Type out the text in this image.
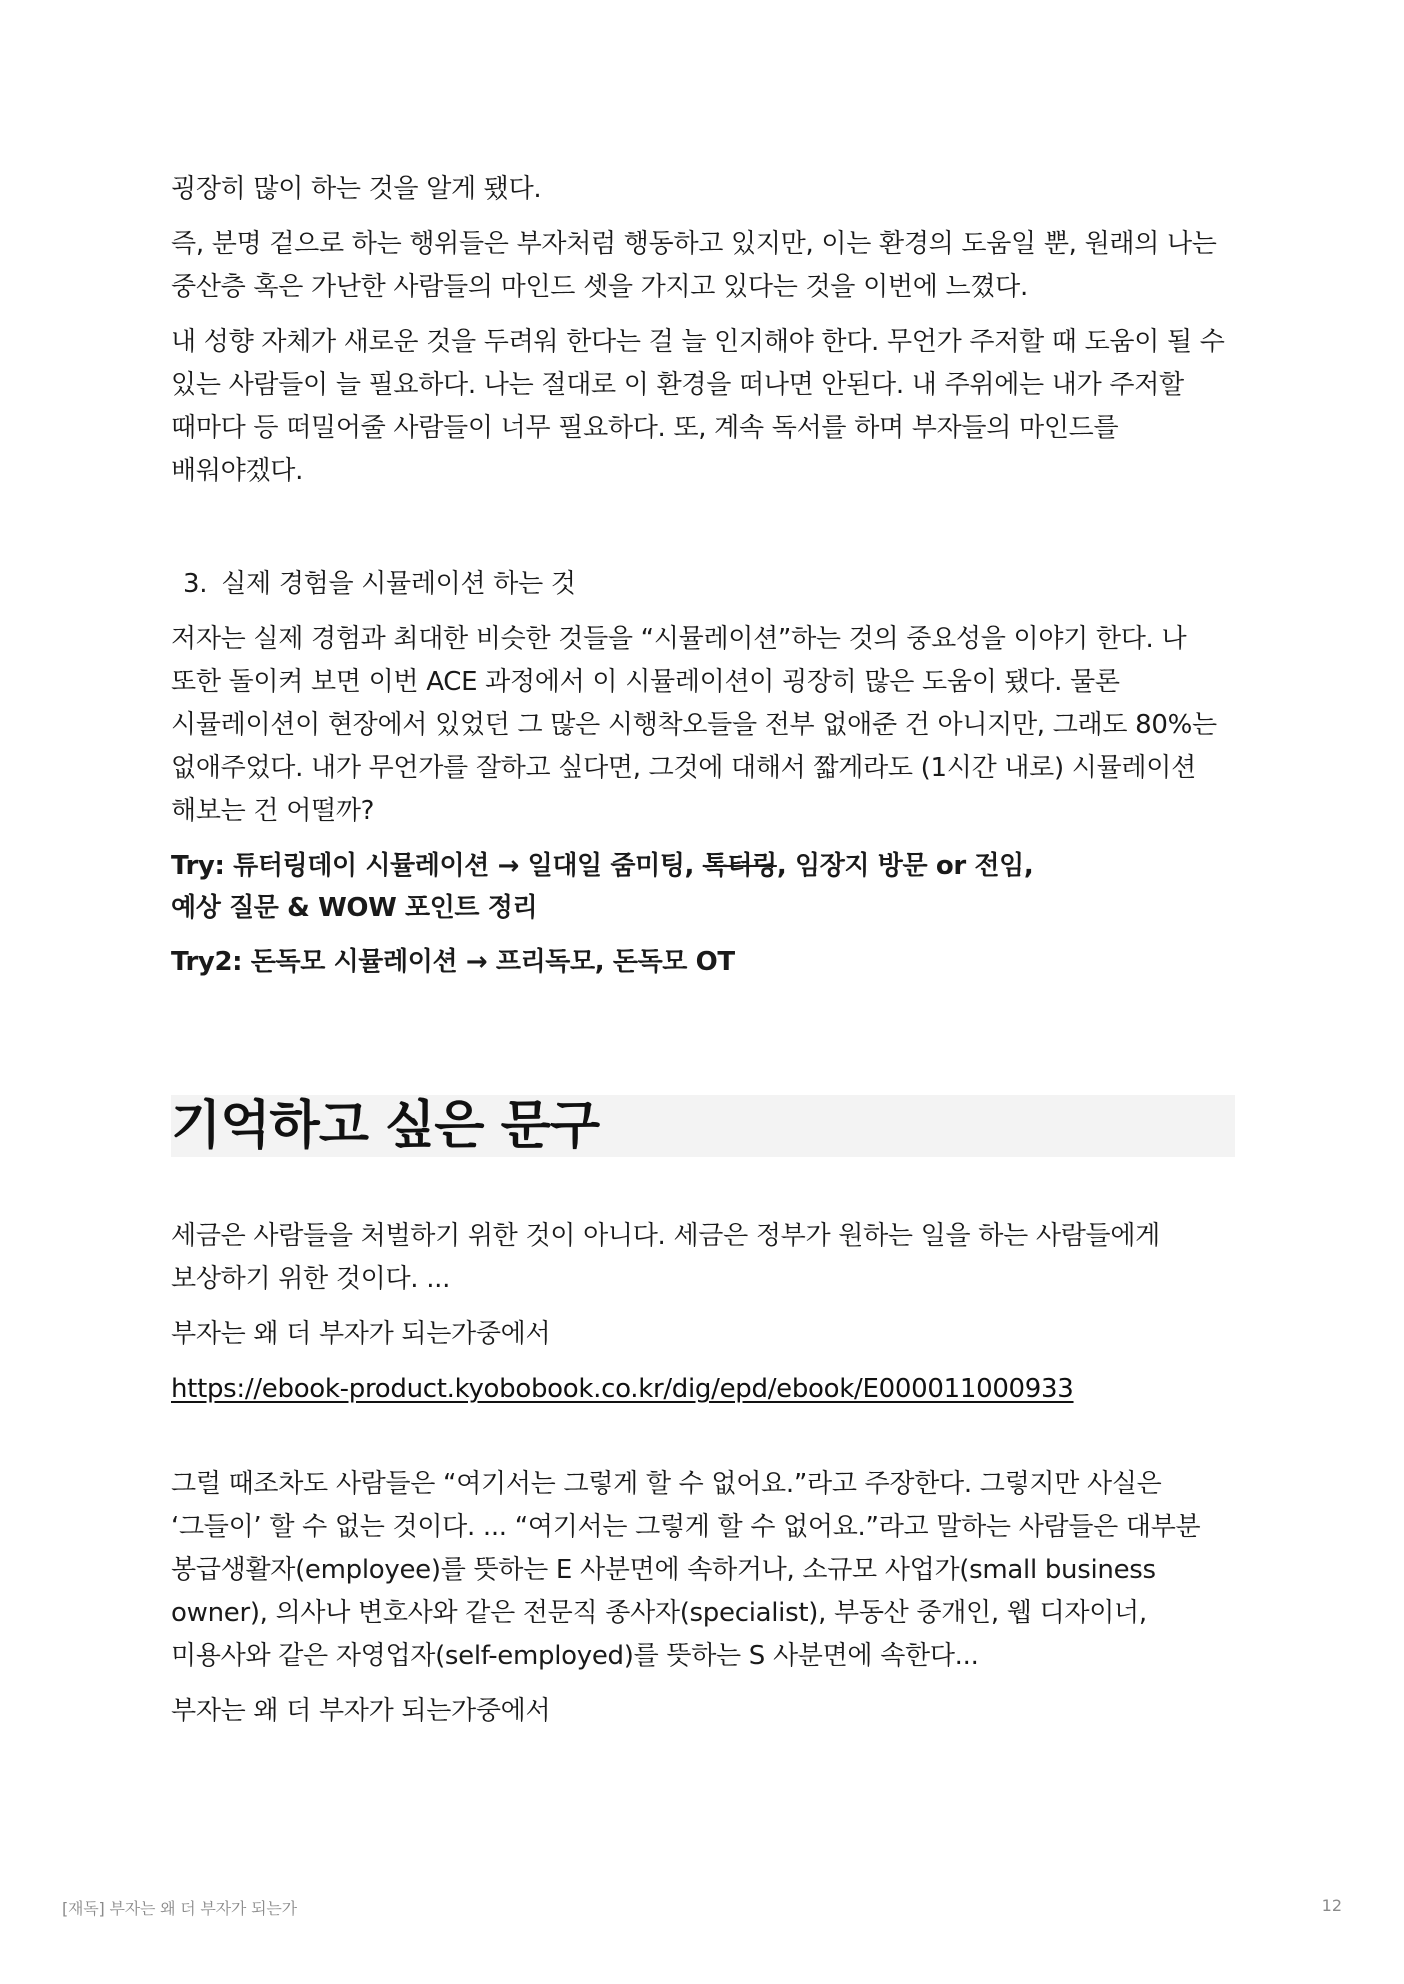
굉장히 많이 하는 것을 알게 됐다.

즉, 분명 겉으로 하는 행위들은 부자처럼 행동하고 있지만, 이는 환경의 도움일 뿐, 원래의 나는 중산층 혹은 가난한 사람들의 마인드 셋을 가지고 있다는 것을 이번에 느꼈다.

내 성향 자체가 새로운 것을 두려워 한다는 걸 늘 인지해야 한다. 무언가 주저할 때 도움이 될 수 있는 사람들이 늘 필요하다. 나는 절대로 이 환경을 떠나면 안된다. 내 주위에는 내가 주저할 때마다 등 떠밀어줄 사람들이 너무 필요하다. 또, 계속 독서를 하며 부자들의 마인드를 배워야겠다.

3. 실제 경험을 시뮬레이션 하는 것

저자는 실제 경험과 최대한 비슷한 것들을 “시뮬레이션”하는 것의 중요성을 이야기 한다. 나 또한 돌이켜 보면 이번 ACE 과정에서 이 시뮬레이션이 굉장히 많은 도움이 됐다. 물론 시뮬레이션이 현장에서 있었던 그 많은 시행착오들을 전부 없애준 건 아니지만, 그래도 80%는 없애주었다. 내가 무언가를 잘하고 싶다면, 그것에 대해서 짧게라도 (1시간 내로) 시뮬레이션 해보는 건 어떨까?

Try: 튜터링데이 시뮬레이션 → 일대일 줌미팅, 톡터링, 임장지 방문 or 전임,
예상 질문 & WOW 포인트 정리
Try2: 돈독모 시뮬레이션 → 프리독모, 돈독모 OT
기억하고 싶은 문구

세금은 사람들을 처벌하기 위한 것이 아니다. 세금은 정부가 원하는 일을 하는 사람들에게 보상하기 위한 것이다. ...

부자는 왜 더 부자가 되는가중에서

https://ebook-product.kyobobook.co.kr/dig/epd/ebook/E000011000933

그럴 때조차도 사람들은 “여기서는 그렇게 할 수 없어요.”라고 주장한다. 그렇지만 사실은 ‘그들이’ 할 수 없는 것이다. ... “여기서는 그렇게 할 수 없어요.”라고 말하는 사람들은 대부분 봉급생활자(employee)를 뜻하는 E 사분면에 속하거나, 소규모 사업가(small business owner), 의사나 변호사와 같은 전문직 종사자(specialist), 부동산 중개인, 웹 디자이너, 미용사와 같은 자영업자(self-employed)를 뜻하는 S 사분면에 속한다...

부자는 왜 더 부자가 되는가중에서

[재독] 부자는 왜 더 부자가 되는가	12
